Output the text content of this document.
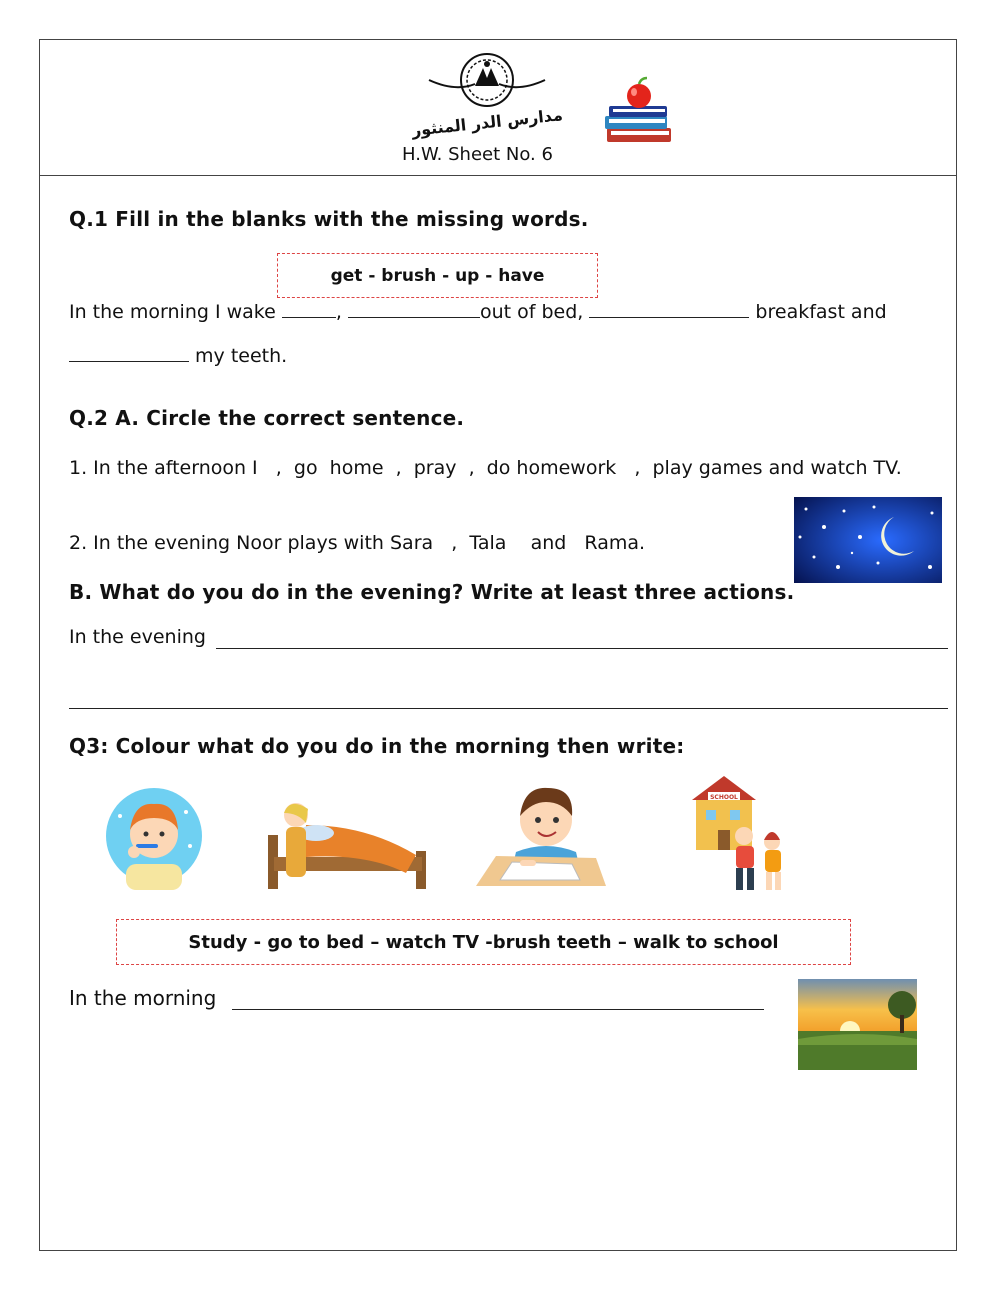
مدارس الدر المنثور
H.W. Sheet No. 6
Q.1 Fill in the blanks with the missing words.
get - brush - up - have
In the morning I wake	,	out of bed,	breakfast and
my teeth.
Q.2 A. Circle the correct sentence.
1. In the afternoon I   ,  go  home  ,  pray  ,  do homework   ,  play games and watch TV.
2. In the evening Noor plays with Sara   ,  Tala    and   Rama.
B. What do you do in the evening? Write at least three actions.
In the evening
Q3: Colour what do you do in the morning then write:
SCHOOL
Study - go to bed – watch TV -brush teeth – walk to school
In the morning
